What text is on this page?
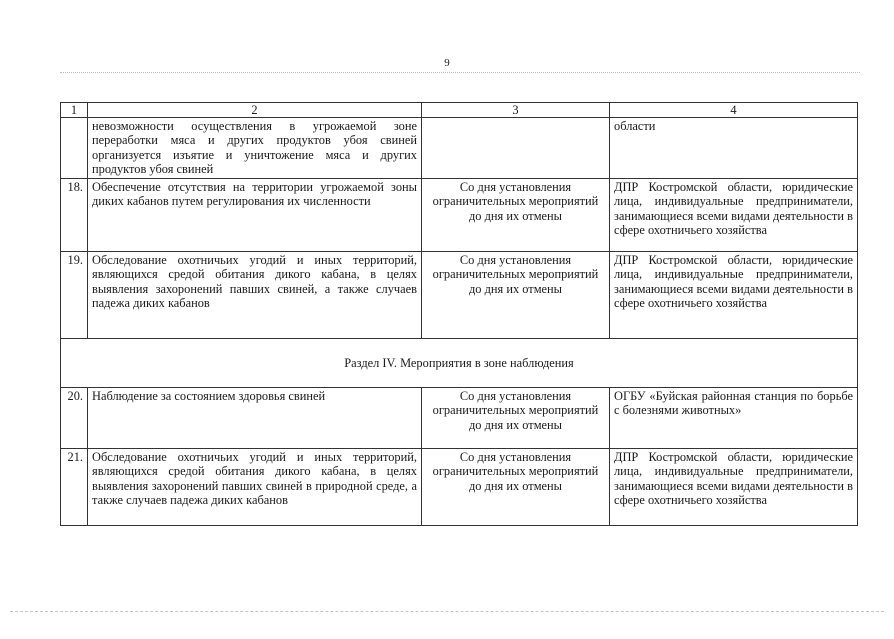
9
1	2	3	4
	невозможности осуществления в угрожаемой зоне переработки мяса и других продуктов убоя свиней организуется изъятие и уничтожение мяса и других продуктов убоя свиней		области
18.	Обеспечение отсутствия на территории угрожаемой зоны диких кабанов путем регулирования их численности	Со дня установления ограничительных мероприятий до дня их отмены	ДПР Костромской области, юридические лица, индивидуальные предприниматели, занимающиеся всеми видами деятельности в сфере охотничьего хозяйства
19.	Обследование охотничьих угодий и иных территорий, являющихся средой обитания дикого кабана, в целях выявления захоронений павших свиней, а также случаев падежа диких кабанов	Со дня установления ограничительных мероприятий до дня их отмены	ДПР Костромской области, юридические лица, индивидуальные предприниматели, занимающиеся всеми видами деятельности в сфере охотничьего хозяйства
Раздел IV. Мероприятия в зоне наблюдения			
20.	Наблюдение за состоянием здоровья свиней	Со дня установления ограничительных мероприятий до дня их отмены	ОГБУ «Буйская районная станция по борьбе с болезнями животных»
21.	Обследование охотничьих угодий и иных территорий, являющихся средой обитания дикого кабана, в целях выявления захоронений павших свиней в природной среде, а также случаев падежа диких кабанов	Со дня установления ограничительных мероприятий до дня их отмены	ДПР Костромской области, юридические лица, индивидуальные предприниматели, занимающиеся всеми видами деятельности в сфере охотничьего хозяйства
